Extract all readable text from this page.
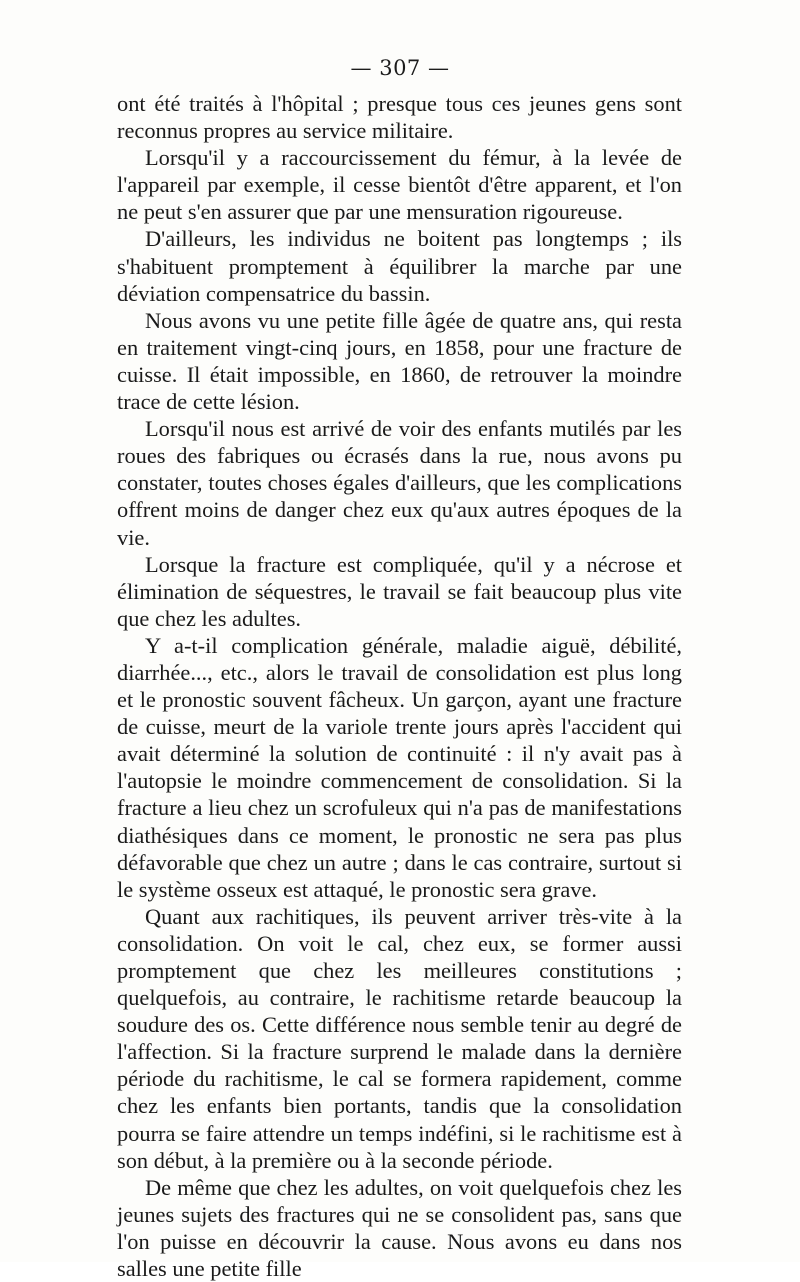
— 307 —

ont été traités à l'hôpital ; presque tous ces jeunes gens sont reconnus propres au service militaire.

Lorsqu'il y a raccourcissement du fémur, à la levée de l'appareil par exemple, il cesse bientôt d'être apparent, et l'on ne peut s'en assurer que par une mensuration rigoureuse.

D'ailleurs, les individus ne boitent pas longtemps ; ils s'habituent promptement à équilibrer la marche par une déviation compensatrice du bassin.

Nous avons vu une petite fille âgée de quatre ans, qui resta en traitement vingt-cinq jours, en 1858, pour une fracture de cuisse. Il était impossible, en 1860, de retrouver la moindre trace de cette lésion.

Lorsqu'il nous est arrivé de voir des enfants mutilés par les roues des fabriques ou écrasés dans la rue, nous avons pu constater, toutes choses égales d'ailleurs, que les complications offrent moins de danger chez eux qu'aux autres époques de la vie.

Lorsque la fracture est compliquée, qu'il y a nécrose et élimination de séquestres, le travail se fait beaucoup plus vite que chez les adultes.

Y a-t-il complication générale, maladie aiguë, débilité, diarrhée..., etc., alors le travail de consolidation est plus long et le pronostic souvent fâcheux. Un garçon, ayant une fracture de cuisse, meurt de la variole trente jours après l'accident qui avait déterminé la solution de continuité : il n'y avait pas à l'autopsie le moindre commencement de consolidation. Si la fracture a lieu chez un scrofuleux qui n'a pas de manifestations diathésiques dans ce moment, le pronostic ne sera pas plus défavorable que chez un autre ; dans le cas contraire, surtout si le système osseux est attaqué, le pronostic sera grave.

Quant aux rachitiques, ils peuvent arriver très-vite à la consolidation. On voit le cal, chez eux, se former aussi promptement que chez les meilleures constitutions ; quelquefois, au contraire, le rachitisme retarde beaucoup la soudure des os. Cette différence nous semble tenir au degré de l'affection. Si la fracture surprend le malade dans la dernière période du rachitisme, le cal se formera rapidement, comme chez les enfants bien portants, tandis que la consolidation pourra se faire attendre un temps indéfini, si le rachitisme est à son début, à la première ou à la seconde période.

De même que chez les adultes, on voit quelquefois chez les jeunes sujets des fractures qui ne se consolident pas, sans que l'on puisse en découvrir la cause. Nous avons eu dans nos salles une petite fille
